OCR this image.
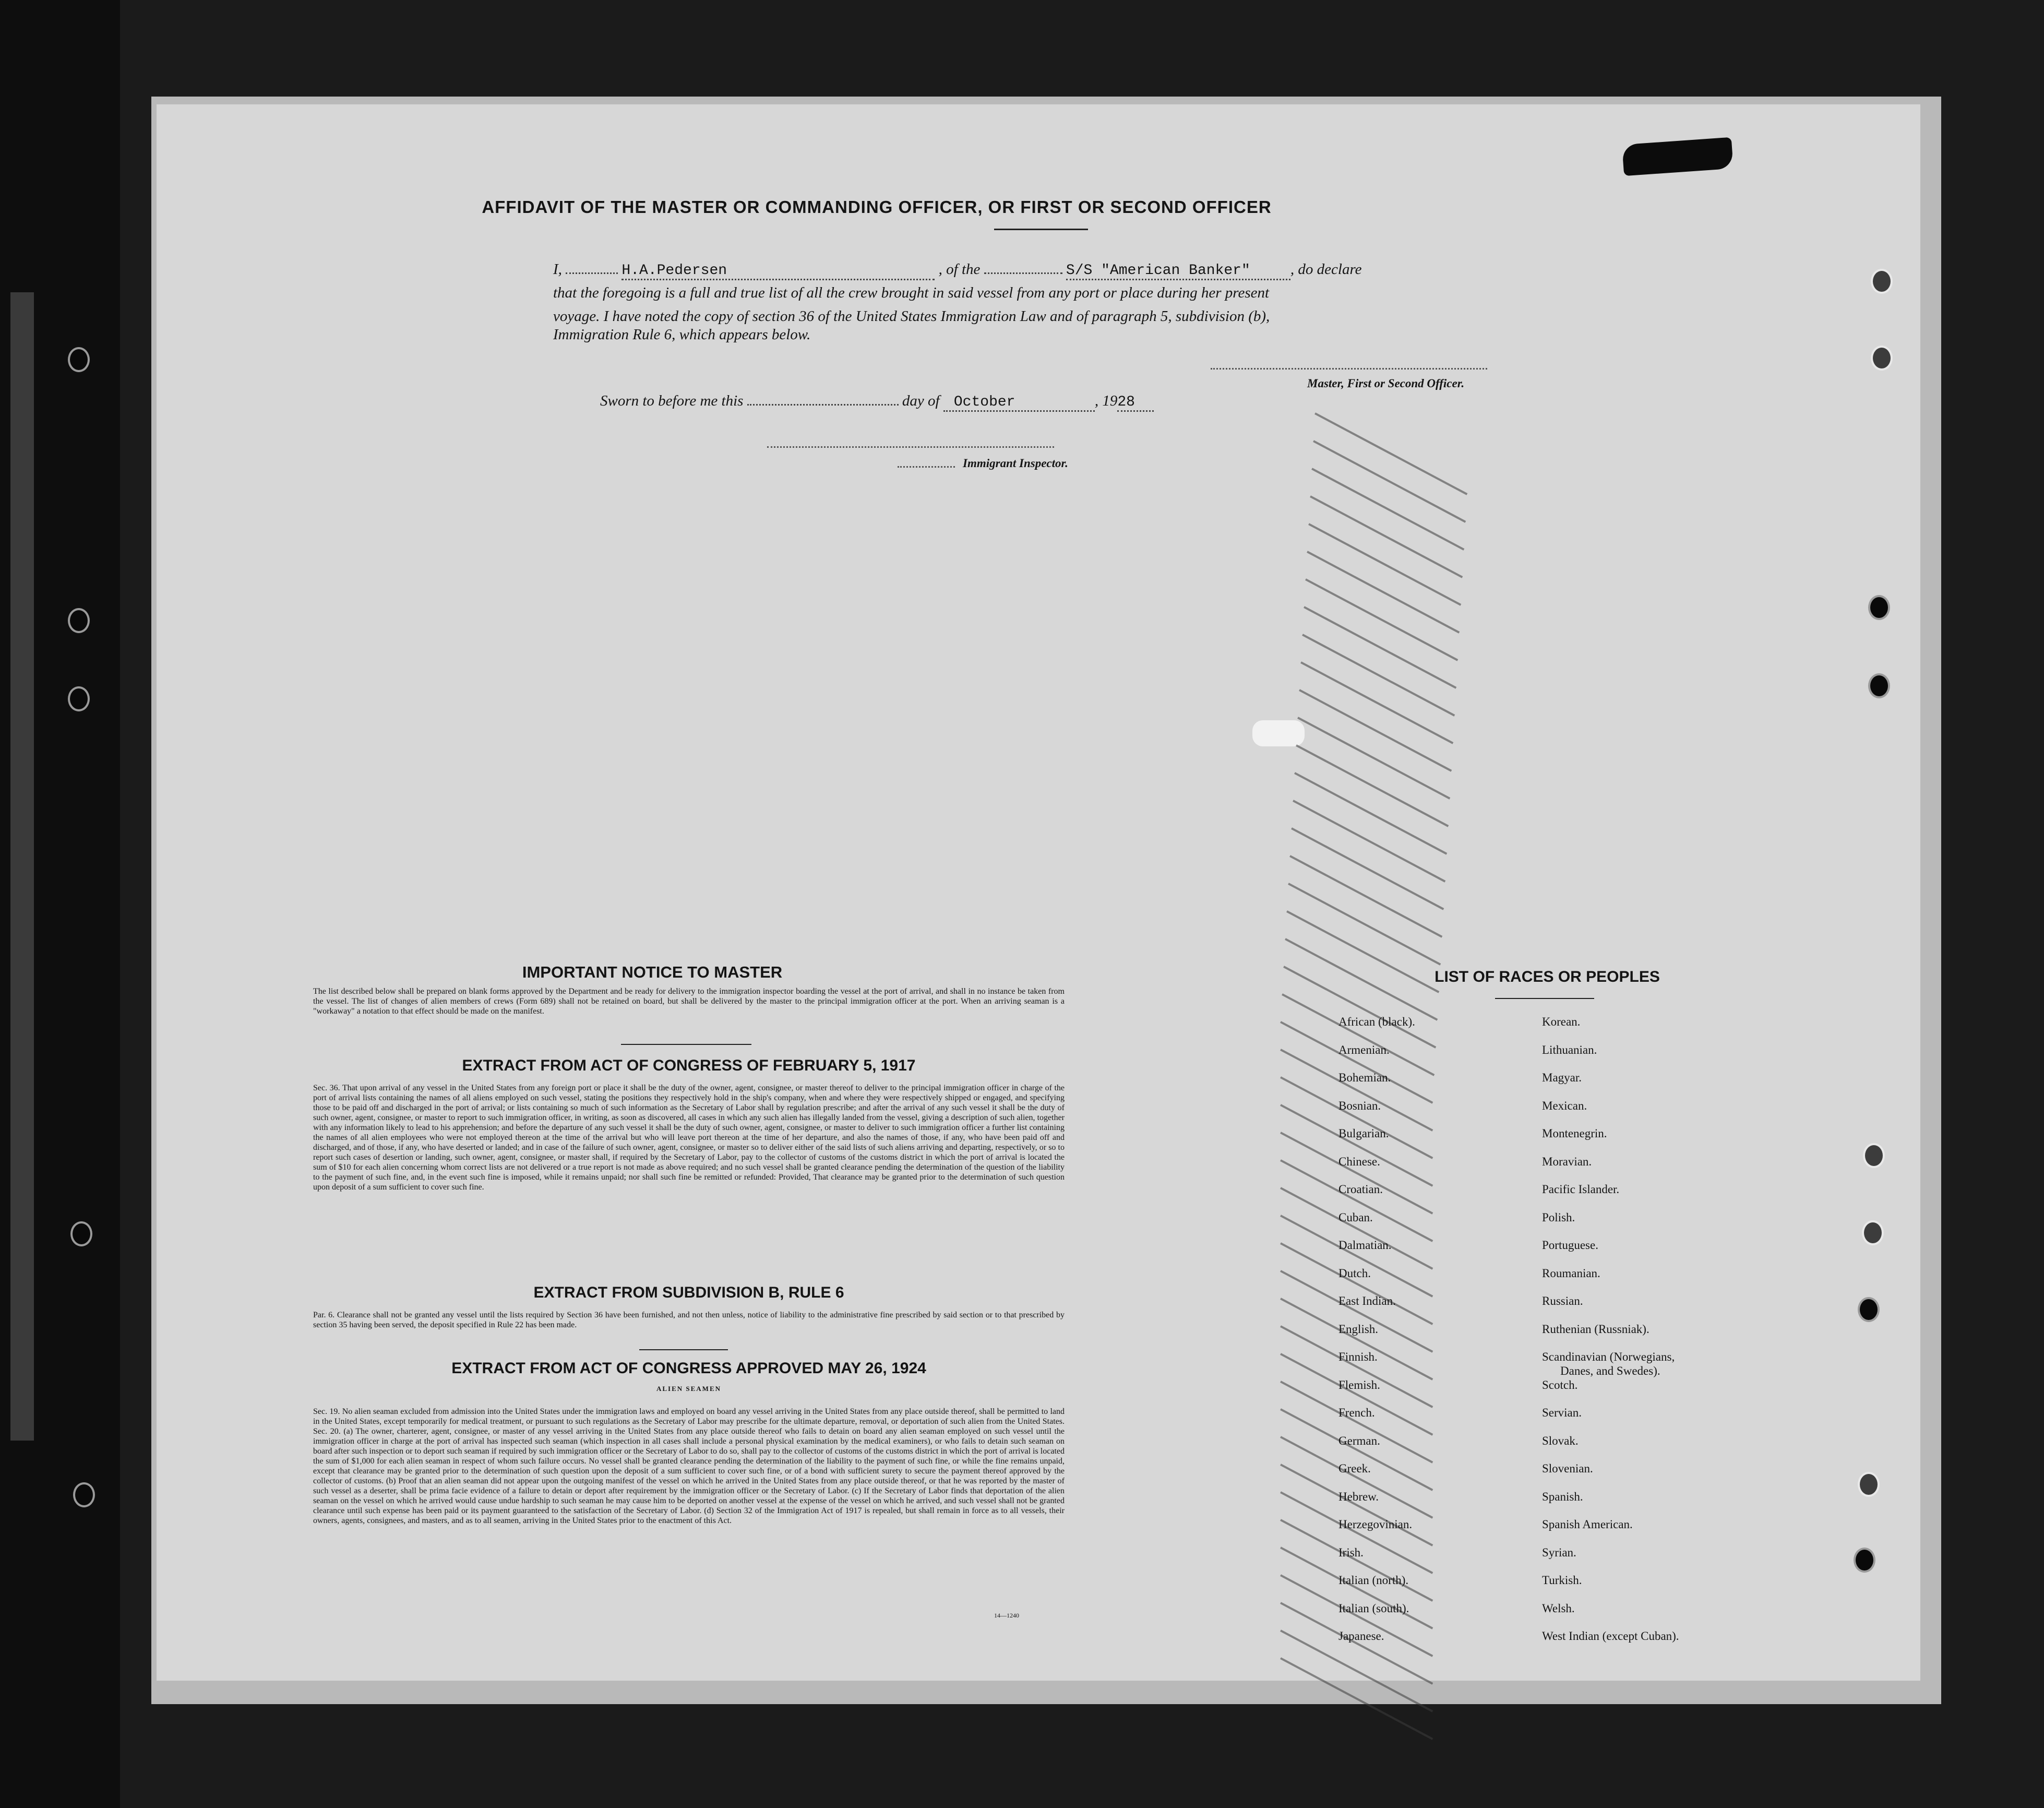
AFFIDAVIT OF THE MASTER OR COMMANDING OFFICER, OR FIRST OR SECOND OFFICER
I,	H.A.Pedersen	, of the	S/S "American Banker"	, do declare
that the foregoing is a full and true list of all the crew brought in said vessel from any port or place during her present
voyage. I have noted the copy of section 36 of the United States Immigration Law and of paragraph 5, subdivision (b),
Immigration Rule 6, which appears below.
Master, First or Second Officer.
Sworn to before me this	day of October	, 1928
Immigrant Inspector.
IMPORTANT NOTICE TO MASTER
The list described below shall be prepared on blank forms approved by the Department and be ready for delivery to the immigration inspector boarding the vessel at the port of arrival, and shall in no instance be taken from the vessel. The list of changes of alien members of crews (Form 689) shall not be retained on board, but shall be delivered by the master to the principal immigration officer at the port. When an arriving seaman is a "workaway" a notation to that effect should be made on the manifest.
EXTRACT FROM ACT OF CONGRESS OF FEBRUARY 5, 1917
Sec. 36. That upon arrival of any vessel in the United States from any foreign port or place it shall be the duty of the owner, agent, consignee, or master thereof to deliver to the principal immigration officer in charge of the port of arrival lists containing the names of all aliens employed on such vessel, stating the positions they respectively hold in the ship's company, when and where they were respectively shipped or engaged, and specifying those to be paid off and discharged in the port of arrival; or lists containing so much of such information as the Secretary of Labor shall by regulation prescribe; and after the arrival of any such vessel it shall be the duty of such owner, agent, consignee, or master to report to such immigration officer, in writing, as soon as discovered, all cases in which any such alien has illegally landed from the vessel, giving a description of such alien, together with any information likely to lead to his apprehension; and before the departure of any such vessel it shall be the duty of such owner, agent, consignee, or master to deliver to such immigration officer a further list containing the names of all alien employees who were not employed thereon at the time of the arrival but who will leave port thereon at the time of her departure, and also the names of those, if any, who have been paid off and discharged, and of those, if any, who have deserted or landed; and in case of the failure of such owner, agent, consignee, or master so to deliver either of the said lists of such aliens arriving and departing, respectively, or so to report such cases of desertion or landing, such owner, agent, consignee, or master shall, if required by the Secretary of Labor, pay to the collector of customs of the customs district in which the port of arrival is located the sum of $10 for each alien concerning whom correct lists are not delivered or a true report is not made as above required; and no such vessel shall be granted clearance pending the determination of the question of the liability to the payment of such fine, and, in the event such fine is imposed, while it remains unpaid; nor shall such fine be remitted or refunded: Provided, That clearance may be granted prior to the determination of such question upon deposit of a sum sufficient to cover such fine.
EXTRACT FROM SUBDIVISION B, RULE 6
Par. 6. Clearance shall not be granted any vessel until the lists required by Section 36 have been furnished, and not then unless, notice of liability to the administrative fine prescribed by said section or to that prescribed by section 35 having been served, the deposit specified in Rule 22 has been made.
EXTRACT FROM ACT OF CONGRESS APPROVED MAY 26, 1924
ALIEN SEAMEN
Sec. 19. No alien seaman excluded from admission into the United States under the immigration laws and employed on board any vessel arriving in the United States from any place outside thereof, shall be permitted to land in the United States, except temporarily for medical treatment, or pursuant to such regulations as the Secretary of Labor may prescribe for the ultimate departure, removal, or deportation of such alien from the United States. Sec. 20. (a) The owner, charterer, agent, consignee, or master of any vessel arriving in the United States from any place outside thereof who fails to detain on board any alien seaman employed on such vessel until the immigration officer in charge at the port of arrival has inspected such seaman (which inspection in all cases shall include a personal physical examination by the medical examiners), or who fails to detain such seaman on board after such inspection or to deport such seaman if required by such immigration officer or the Secretary of Labor to do so, shall pay to the collector of customs of the customs district in which the port of arrival is located the sum of $1,000 for each alien seaman in respect of whom such failure occurs. No vessel shall be granted clearance pending the determination of the liability to the payment of such fine, or while the fine remains unpaid, except that clearance may be granted prior to the determination of such question upon the deposit of a sum sufficient to cover such fine, or of a bond with sufficient surety to secure the payment thereof approved by the collector of customs. (b) Proof that an alien seaman did not appear upon the outgoing manifest of the vessel on which he arrived in the United States from any place outside thereof, or that he was reported by the master of such vessel as a deserter, shall be prima facie evidence of a failure to detain or deport after requirement by the immigration officer or the Secretary of Labor. (c) If the Secretary of Labor finds that deportation of the alien seaman on the vessel on which he arrived would cause undue hardship to such seaman he may cause him to be deported on another vessel at the expense of the vessel on which he arrived, and such vessel shall not be granted clearance until such expense has been paid or its payment guaranteed to the satisfaction of the Secretary of Labor. (d) Section 32 of the Immigration Act of 1917 is repealed, but shall remain in force as to all vessels, their owners, agents, consignees, and masters, and as to all seamen, arriving in the United States prior to the enactment of this Act.
14—1240
LIST OF RACES OR PEOPLES
African (black).
Armenian.
Bohemian.
Bosnian.
Bulgarian.
Chinese.
Croatian.
Cuban.
Dalmatian.
Dutch.
East Indian.
English.
Finnish.
Flemish.
French.
German.
Greek.
Hebrew.
Herzegovinian.
Irish.
Italian (north).
Italian (south).
Japanese.
Korean.
Lithuanian.
Magyar.
Mexican.
Montenegrin.
Moravian.
Pacific Islander.
Polish.
Portuguese.
Roumanian.
Russian.
Ruthenian (Russniak).
Scandinavian (Norwegians,
Danes, and Swedes).
Scotch.
Servian.
Slovak.
Slovenian.
Spanish.
Spanish American.
Syrian.
Turkish.
Welsh.
West Indian (except Cuban).
